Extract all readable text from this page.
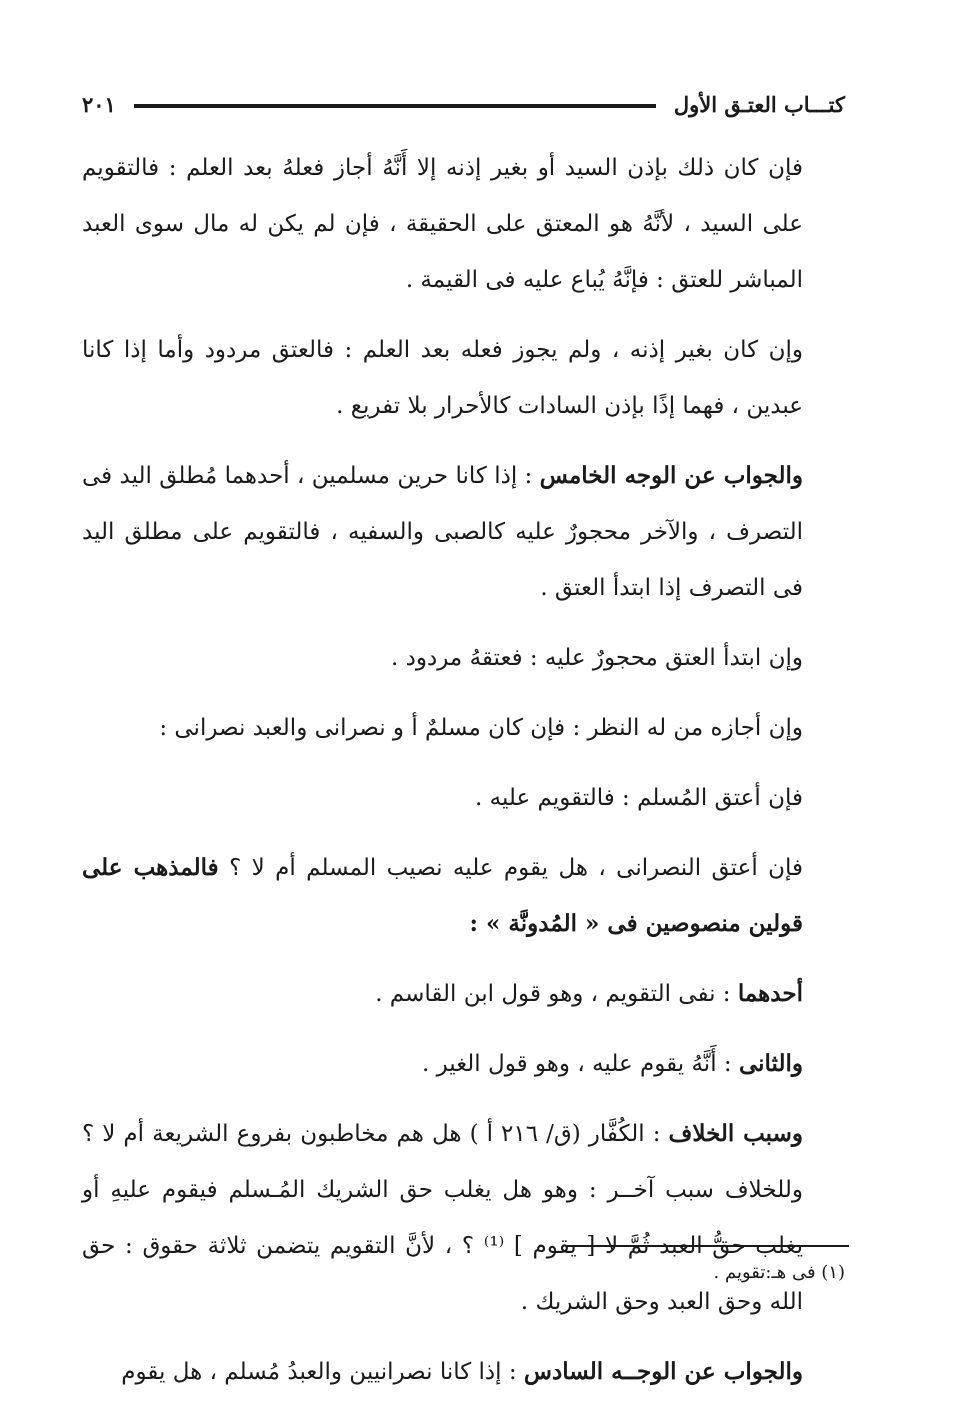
كتـــاب العتـق الأول
٢٠١

فإن كان ذلك بإذن السيد أو بغير إذنه إلا أَنَّهُ أجاز فعلهُ بعد العلم : فالتقويم على السيد ، لأنَّهُ هو المعتق على الحقيقة ، فإن لم يكن له مال سوى العبد المباشر للعتق : فإنَّهُ يُباع عليه فى القيمة .

وإن كان بغير إذنه ، ولم يجوز فعله بعد العلم : فالعتق مردود وأما إذا كانا عبدين ، فهما إذًا بإذن السادات كالأحرار بلا تفريع .

والجواب عن الوجه الخامس : إذا كانا حرين مسلمين ، أحدهما مُطلق اليد فى التصرف ، والآخر محجورٌ عليه كالصبى والسفيه ، فالتقويم على مطلق اليد فى التصرف إذا ابتدأ العتق .

وإن ابتدأ العتق محجورٌ عليه : فعتقهُ مردود .

وإن أجازه من له النظر : فإن كان مسلمٌ أ و نصرانى والعبد نصرانى :

فإن أعتق المُسلم : فالتقويم عليه .

فإن أعتق النصرانى ، هل يقوم عليه نصيب المسلم أم لا ؟ فالمذهب على قولين منصوصين فى « المُدونَّة » :

أحدهما : نفى التقويم ، وهو قول ابن القاسم .

والثانى : أَنَّهُ يقوم عليه ، وهو قول الغير .

وسبب الخلاف : الكُفَّار (ق/ ٢١٦ أ ) هل هم مخاطبون بفروع الشريعة أم لا ؟ وللخلاف سبب آخــر : وهو هل يغلب حق الشريك المُـسلم فيقوم عليهِ أو يغلب حقُّ العبد ثُمَّ لا [ يقوم ] ⁽¹⁾ ؟ ، لأنَّ التقويم يتضمن ثلاثة حقوق : حق الله وحق العبد وحق الشريك .

والجواب عن الوجــه السادس : إذا كانا نصرانيين والعبدُ مُسلم ، هل يقوم

(١) فى هـ:تقويم .
